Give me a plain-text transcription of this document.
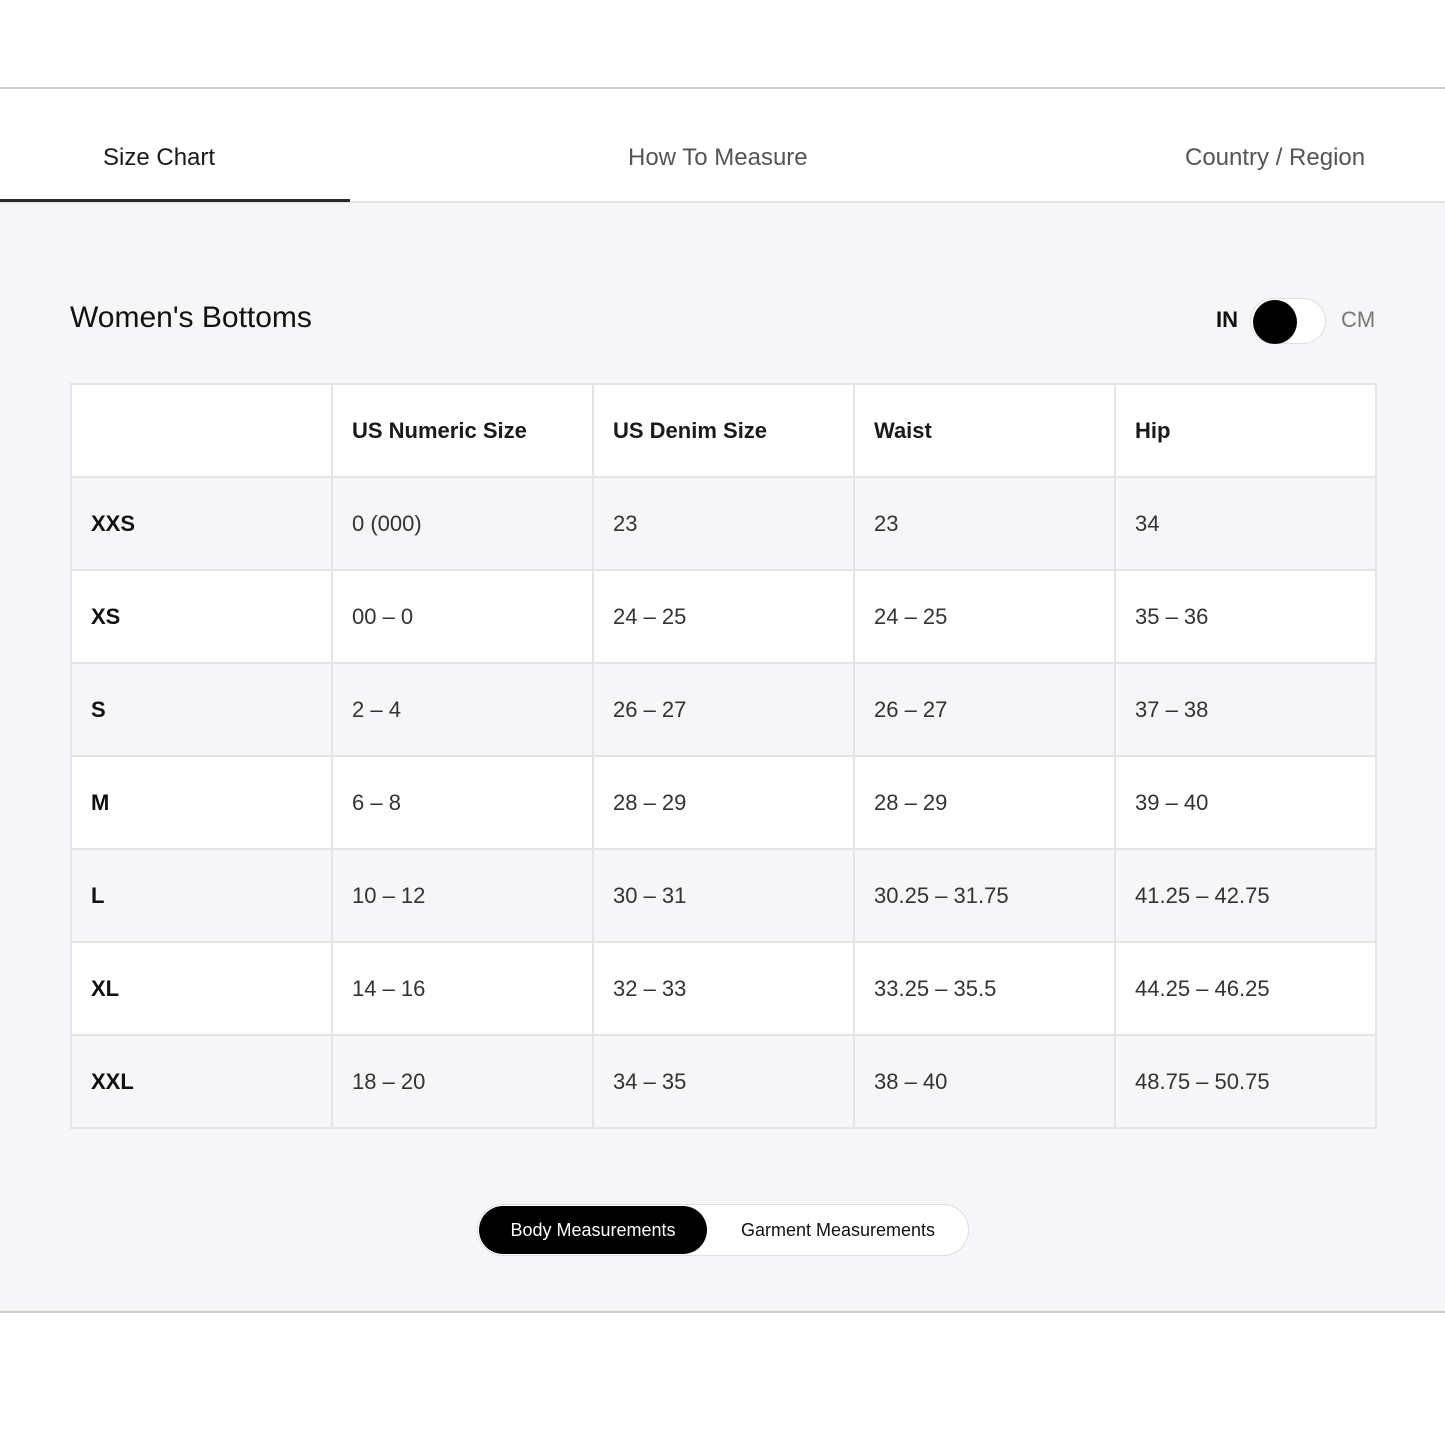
Size Chart	How To Measure	Country / Region
Women's Bottoms	IN	CM
	US Numeric Size	US Denim Size	Waist	Hip
XXS	0 (000)	23	23	34
XS	00 – 0	24 – 25	24 – 25	35 – 36
S	2 – 4	26 – 27	26 – 27	37 – 38
M	6 – 8	28 – 29	28 – 29	39 – 40
L	10 – 12	30 – 31	30.25 – 31.75	41.25 – 42.75
XL	14 – 16	32 – 33	33.25 – 35.5	44.25 – 46.25
XXL	18 – 20	34 – 35	38 – 40	48.75 – 50.75
Body Measurements	Garment Measurements
